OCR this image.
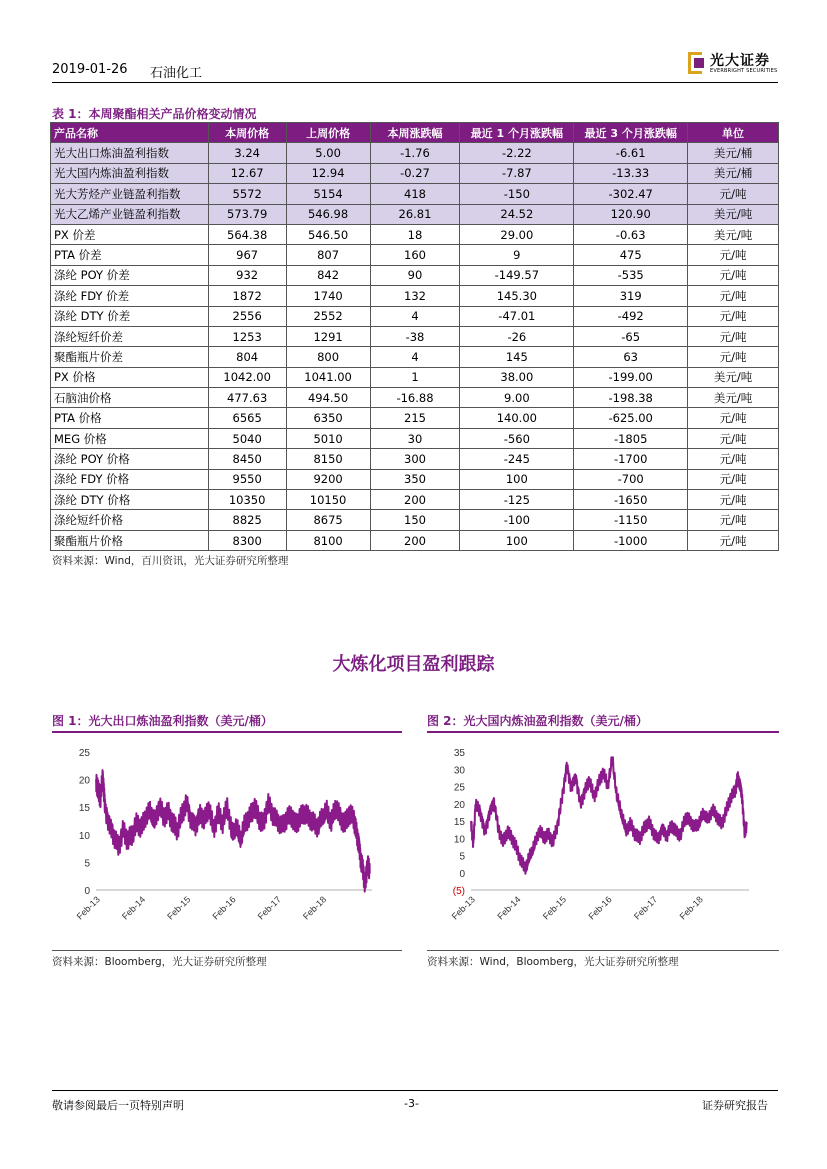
2019-01-26 石油化工
光大证券
EVERBRIGHT SECURITIES
表 1：本周聚酯相关产品价格变动情况
产品名称	本周价格	上周价格	本周涨跌幅	最近 1 个月涨跌幅	最近 3 个月涨跌幅	单位
光大出口炼油盈利指数	3.24	5.00	-1.76	-2.22	-6.61	美元/桶
光大国内炼油盈利指数	12.67	12.94	-0.27	-7.87	-13.33	美元/桶
光大芳烃产业链盈利指数	5572	5154	418	-150	-302.47	元/吨
光大乙烯产业链盈利指数	573.79	546.98	26.81	24.52	120.90	美元/吨
PX 价差	564.38	546.50	18	29.00	-0.63	美元/吨
PTA 价差	967	807	160	9	475	元/吨
涤纶 POY 价差	932	842	90	-149.57	-535	元/吨
涤纶 FDY 价差	1872	1740	132	145.30	319	元/吨
涤纶 DTY 价差	2556	2552	4	-47.01	-492	元/吨
涤纶短纤价差	1253	1291	-38	-26	-65	元/吨
聚酯瓶片价差	804	800	4	145	63	元/吨
PX 价格	1042.00	1041.00	1	38.00	-199.00	美元/吨
石脑油价格	477.63	494.50	-16.88	9.00	-198.38	美元/吨
PTA 价格	6565	6350	215	140.00	-625.00	元/吨
MEG 价格	5040	5010	30	-560	-1805	元/吨
涤纶 POY 价格	8450	8150	300	-245	-1700	元/吨
涤纶 FDY 价格	9550	9200	350	100	-700	元/吨
涤纶 DTY 价格	10350	10150	200	-125	-1650	元/吨
涤纶短纤价格	8825	8675	150	-100	-1150	元/吨
聚酯瓶片价格	8300	8100	200	100	-1000	元/吨
资料来源：Wind，百川资讯，光大证券研究所整理
大炼化项目盈利跟踪
图 1：光大出口炼油盈利指数（美元/桶）
0
5
10
15
20
25
Feb-13 Feb-14 Feb-15 Feb-16 Feb-17 Feb-18
资料来源：Bloomberg，光大证券研究所整理
图 2：光大国内炼油盈利指数（美元/桶）
(5)
0
5
10
15
20
25
30
35
Feb-13 Feb-14 Feb-15 Feb-16 Feb-17 Feb-18
资料来源：Wind，Bloomberg，光大证券研究所整理
敬请参阅最后一页特别声明	-3-	证券研究报告
